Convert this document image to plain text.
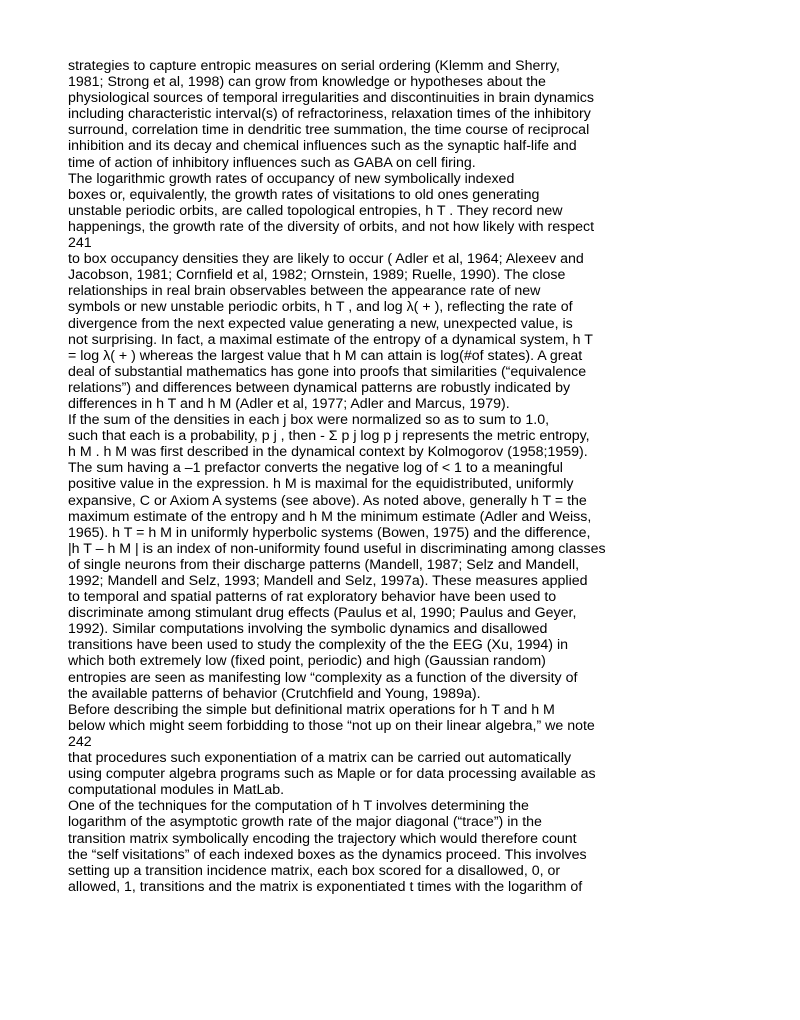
strategies to capture entropic measures on serial ordering (Klemm and Sherry,
1981; Strong et al, 1998) can grow from knowledge or hypotheses about the
physiological sources of temporal irregularities and discontinuities in brain dynamics
including characteristic interval(s) of refractoriness, relaxation times of the inhibitory
surround, correlation time in dendritic tree summation, the time course of reciprocal
inhibition and its decay and chemical influences such as the synaptic half-life and
time of action of inhibitory influences such as GABA on cell firing.
The logarithmic growth rates of occupancy of new symbolically indexed
boxes or, equivalently, the growth rates of visitations to old ones generating
unstable periodic orbits, are called topological entropies, h T . They record new
happenings, the growth rate of the diversity of orbits, and not how likely with respect
241
to box occupancy densities they are likely to occur ( Adler et al, 1964; Alexeev and
Jacobson, 1981; Cornfield et al, 1982; Ornstein, 1989; Ruelle, 1990). The close
relationships in real brain observables between the appearance rate of new
symbols or new unstable periodic orbits, h T , and log λ( + ), reflecting the rate of
divergence from the next expected value generating a new, unexpected value, is
not surprising. In fact, a maximal estimate of the entropy of a dynamical system, h T
= log λ( + ) whereas the largest value that h M can attain is log(#of states). A great
deal of substantial mathematics has gone into proofs that similarities (“equivalence
relations”) and differences between dynamical patterns are robustly indicated by
differences in h T and h M (Adler et al, 1977; Adler and Marcus, 1979).
If the sum of the densities in each j box were normalized so as to sum to 1.0,
such that each is a probability, p j , then - Σ p j log p j represents the metric entropy,
h M . h M was first described in the dynamical context by Kolmogorov (1958;1959).
The sum having a –1 prefactor converts the negative log of < 1 to a meaningful
positive value in the expression. h M is maximal for the equidistributed, uniformly
expansive, C or Axiom A systems (see above). As noted above, generally h T = the
maximum estimate of the entropy and h M the minimum estimate (Adler and Weiss,
1965). h T = h M in uniformly hyperbolic systems (Bowen, 1975) and the difference,
|h T – h M | is an index of non-uniformity found useful in discriminating among classes
of single neurons from their discharge patterns (Mandell, 1987; Selz and Mandell,
1992; Mandell and Selz, 1993; Mandell and Selz, 1997a). These measures applied
to temporal and spatial patterns of rat exploratory behavior have been used to
discriminate among stimulant drug effects (Paulus et al, 1990; Paulus and Geyer,
1992). Similar computations involving the symbolic dynamics and disallowed
transitions have been used to study the complexity of the the EEG (Xu, 1994) in
which both extremely low (fixed point, periodic) and high (Gaussian random)
entropies are seen as manifesting low “complexity as a function of the diversity of
the available patterns of behavior (Crutchfield and Young, 1989a).
Before describing the simple but definitional matrix operations for h T and h M
below which might seem forbidding to those “not up on their linear algebra,” we note
242
that procedures such exponentiation of a matrix can be carried out automatically
using computer algebra programs such as Maple or for data processing available as
computational modules in MatLab.
One of the techniques for the computation of h T involves determining the
logarithm of the asymptotic growth rate of the major diagonal (“trace”) in the
transition matrix symbolically encoding the trajectory which would therefore count
the “self visitations” of each indexed boxes as the dynamics proceed. This involves
setting up a transition incidence matrix, each box scored for a disallowed, 0, or
allowed, 1, transitions and the matrix is exponentiated t times with the logarithm of
